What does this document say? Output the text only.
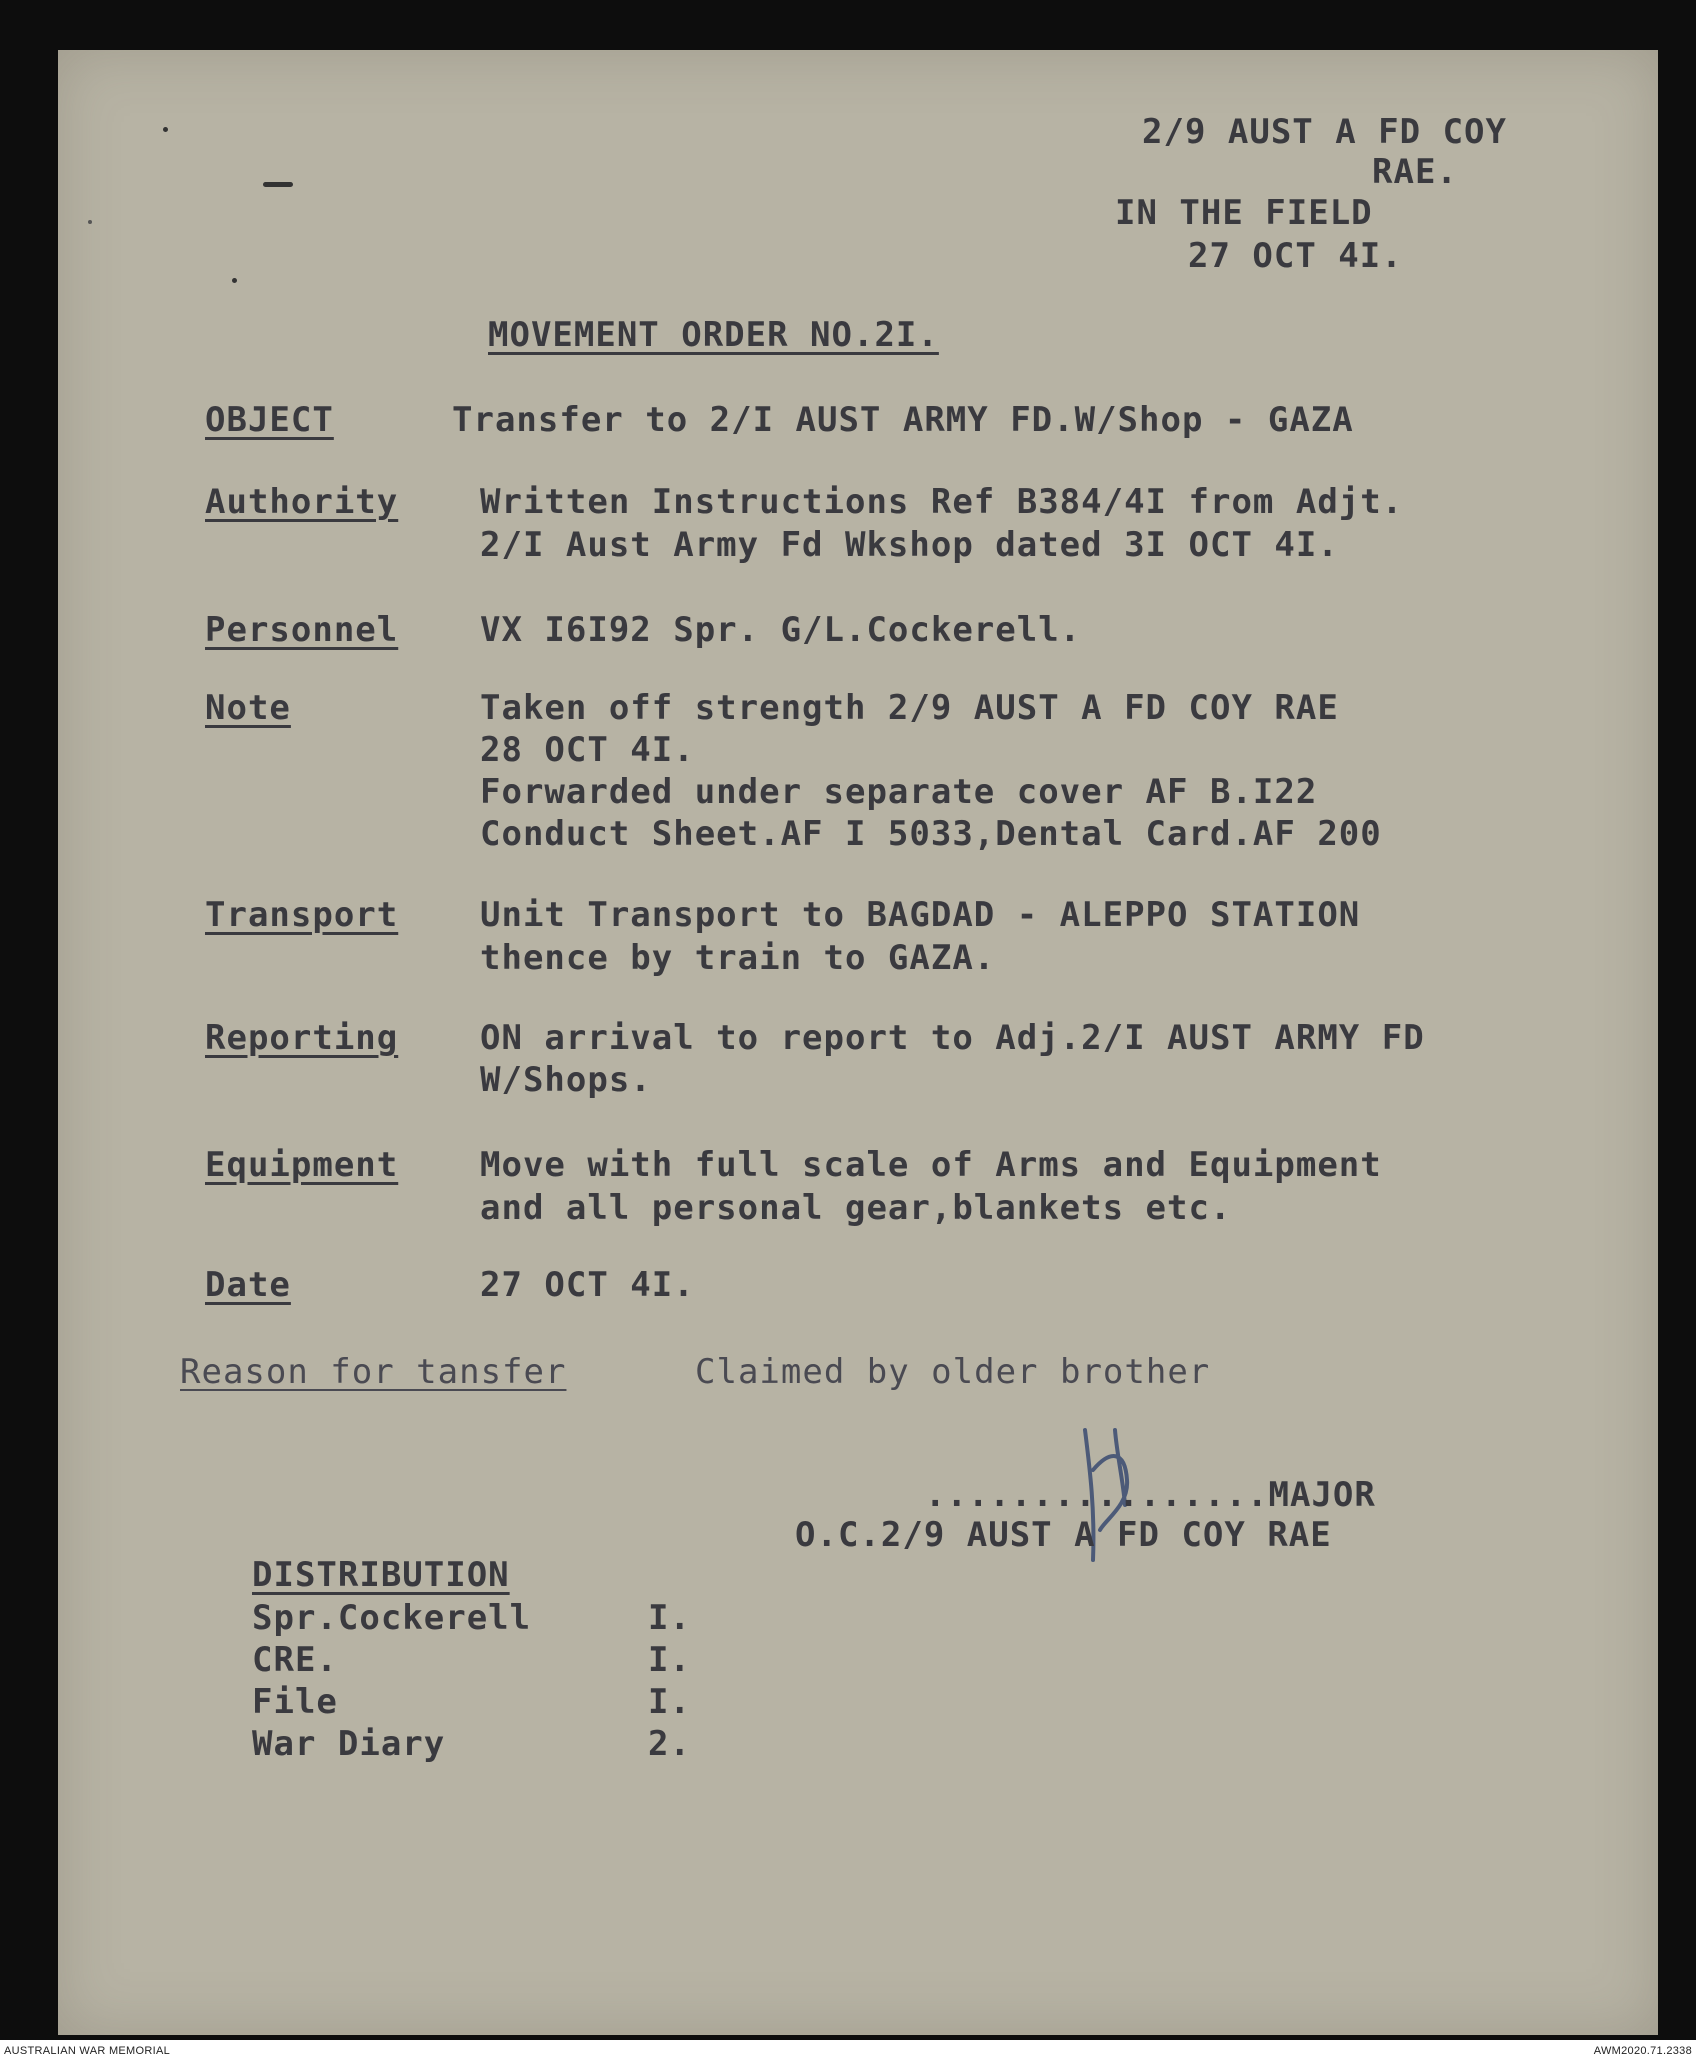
2/9 AUST A FD COY
RAE.
IN THE FIELD
27 OCT 4I.
MOVEMENT ORDER NO.2I.
OBJECT	Transfer to 2/I AUST ARMY FD.W/Shop - GAZA
Authority Written Instructions Ref B384/4I from Adjt.
2/I Aust Army Fd Wkshop dated 3I OCT 4I.
Personnel VX I6I92 Spr. G/L.Cockerell.
Note	Taken off strength 2/9 AUST A FD COY RAE
28 OCT 4I.
Forwarded under separate cover AF B.I22
Conduct Sheet.AF I 5033,Dental Card.AF 200
Transport Unit Transport to BAGDAD - ALEPPO STATION
thence by train to GAZA.
Reporting ON arrival to report to Adj.2/I AUST ARMY FD
W/Shops.
Equipment Move with full scale of Arms and Equipment
and all personal gear,blankets etc.
Date	27 OCT 4I.
Reason for tansfer	Claimed by older brother
................MAJOR
O.C.2/9 AUST A FD COY RAE
DISTRIBUTION
Spr.Cockerell	I.
CRE.	I.
File	I.
War Diary	2.
AUSTRALIAN WAR MEMORIAL	AWM2020.71.2338
